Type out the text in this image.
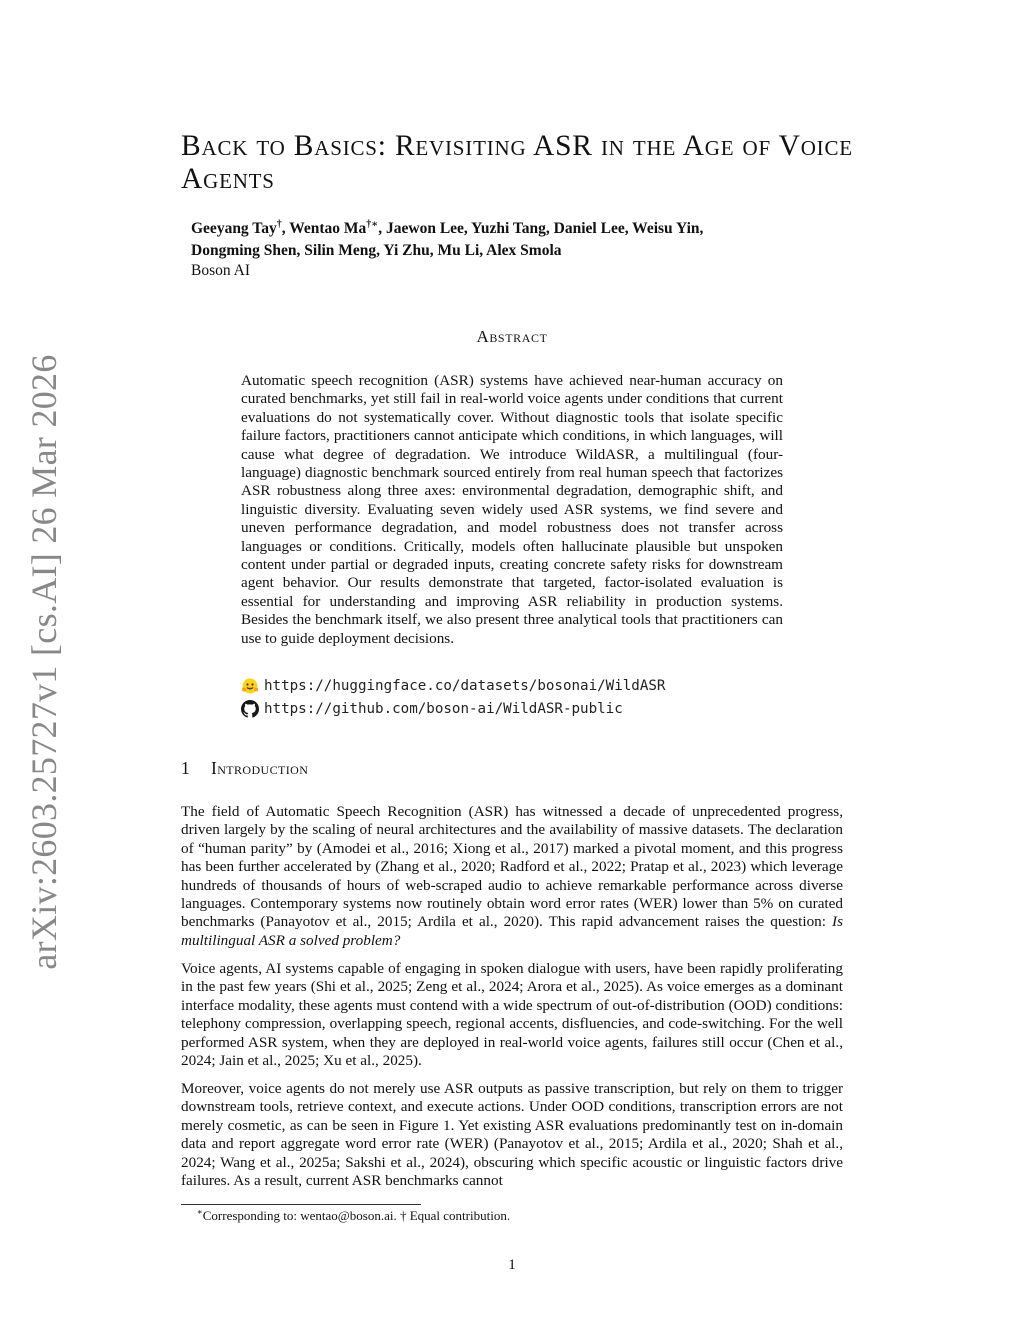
arXiv:2603.25727v1 [cs.AI] 26 Mar 2026
Back to Basics: Revisiting ASR in the Age of Voice Agents
Geeyang Tay†, Wentao Ma†∗, Jaewon Lee, Yuzhi Tang, Daniel Lee, Weisu Yin,
Dongming Shen, Silin Meng, Yi Zhu, Mu Li, Alex Smola
Boson AI
Abstract

Automatic speech recognition (ASR) systems have achieved near-human accuracy on curated benchmarks, yet still fail in real-world voice agents under conditions that current evaluations do not systematically cover. Without diagnostic tools that isolate specific failure factors, practitioners cannot anticipate which conditions, in which languages, will cause what degree of degradation. We introduce WildASR, a multilingual (four-language) diagnostic benchmark sourced entirely from real human speech that factorizes ASR robustness along three axes: environmental degradation, demographic shift, and linguistic diversity. Evaluating seven widely used ASR systems, we find severe and uneven performance degradation, and model robustness does not transfer across languages or conditions. Critically, models often hallucinate plausible but unspoken content under partial or degraded inputs, creating concrete safety risks for downstream agent behavior. Our results demonstrate that targeted, factor-isolated evaluation is essential for understanding and improving ASR reliability in production systems. Besides the benchmark itself, we also present three analytical tools that practitioners can use to guide deployment decisions.

https://huggingface.co/datasets/bosonai/WildASR
https://github.com/boson-ai/WildASR-public
1 Introduction

The field of Automatic Speech Recognition (ASR) has witnessed a decade of unprecedented progress, driven largely by the scaling of neural architectures and the availability of massive datasets. The declaration of “human parity” by (Amodei et al., 2016; Xiong et al., 2017) marked a pivotal moment, and this progress has been further accelerated by (Zhang et al., 2020; Radford et al., 2022; Pratap et al., 2023) which leverage hundreds of thousands of hours of web-scraped audio to achieve remarkable performance across diverse languages. Contemporary systems now routinely obtain word error rates (WER) lower than 5% on curated benchmarks (Panayotov et al., 2015; Ardila et al., 2020). This rapid advancement raises the question: Is multilingual ASR a solved problem?

Voice agents, AI systems capable of engaging in spoken dialogue with users, have been rapidly proliferating in the past few years (Shi et al., 2025; Zeng et al., 2024; Arora et al., 2025). As voice emerges as a dominant interface modality, these agents must contend with a wide spectrum of out-of-distribution (OOD) conditions: telephony compression, overlapping speech, regional accents, disfluencies, and code-switching. For the well performed ASR system, when they are deployed in real-world voice agents, failures still occur (Chen et al., 2024; Jain et al., 2025; Xu et al., 2025).

Moreover, voice agents do not merely use ASR outputs as passive transcription, but rely on them to trigger downstream tools, retrieve context, and execute actions. Under OOD conditions, transcription errors are not merely cosmetic, as can be seen in Figure 1. Yet existing ASR evaluations predominantly test on in-domain data and report aggregate word error rate (WER) (Panayotov et al., 2015; Ardila et al., 2020; Shah et al., 2024; Wang et al., 2025a; Sakshi et al., 2024), obscuring which specific acoustic or linguistic factors drive failures. As a result, current ASR benchmarks cannot

∗Corresponding to: wentao@boson.ai. † Equal contribution.

1
